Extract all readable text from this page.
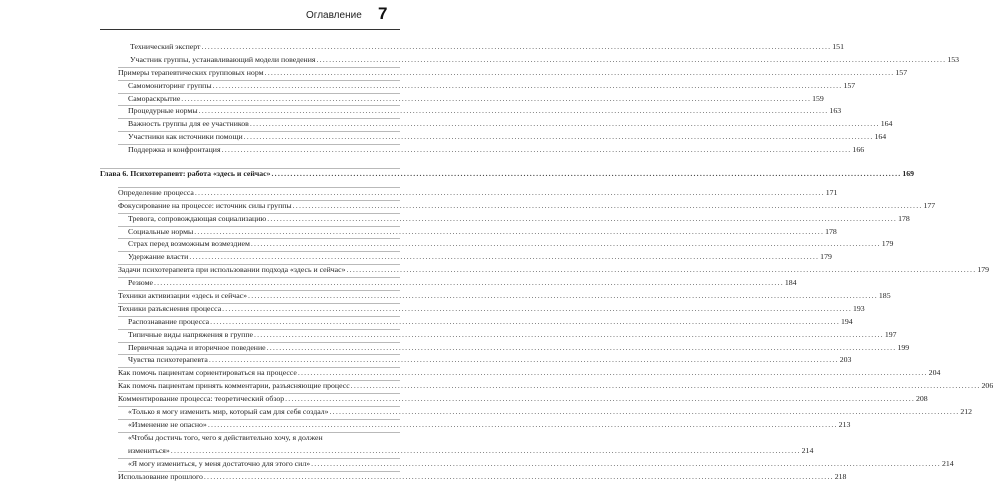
Оглавление 7
Технический эксперт .....	151
Участник группы, устанавливающий модели поведения .....	153
Примеры терапевтических групповых норм .....	157
Самомониторинг группы .....	157
Самораскрытие .....	159
Процедурные нормы .....	163
Важность группы для ее участников .....	164
Участники как источники помощи .....	164
Поддержка и конфронтация .....	166
Глава 6. Психотерапевт: работа «здесь и сейчас» .....	169
Определение процесса .....	171
Фокусирование на процессе: источник силы группы .....	177
Тревога, сопровождающая социализацию .....	178
Социальные нормы .....	178
Страх перед возможным возмездием .....	179
Удержание власти .....	179
Задачи психотерапевта при использовании подхода «здесь и сейчас» .....	179
Резюме .....	184
Техники активизации «здесь и сейчас» .....	185
Техники разъяснения процесса .....	193
Распознавание процесса .....	194
Типичные виды напряжения в группе .....	197
Первичная задача и вторичное поведение .....	199
Чувства психотерапевта .....	203
Как помочь пациентам сориентироваться на процессе .....	204
Как помочь пациентам принять комментарии, разъясняющие процесс .....	206
Комментирование процесса: теоретический обзор .....	208
«Только я могу изменить мир, который сам для себя создал» .....	212
«Изменение не опасно» .....	213
«Чтобы достичь того, чего я действительно хочу, я должен
измениться» .....	214
«Я могу измениться, у меня достаточно для этого сил» .....	214
Использование прошлого .....	218
